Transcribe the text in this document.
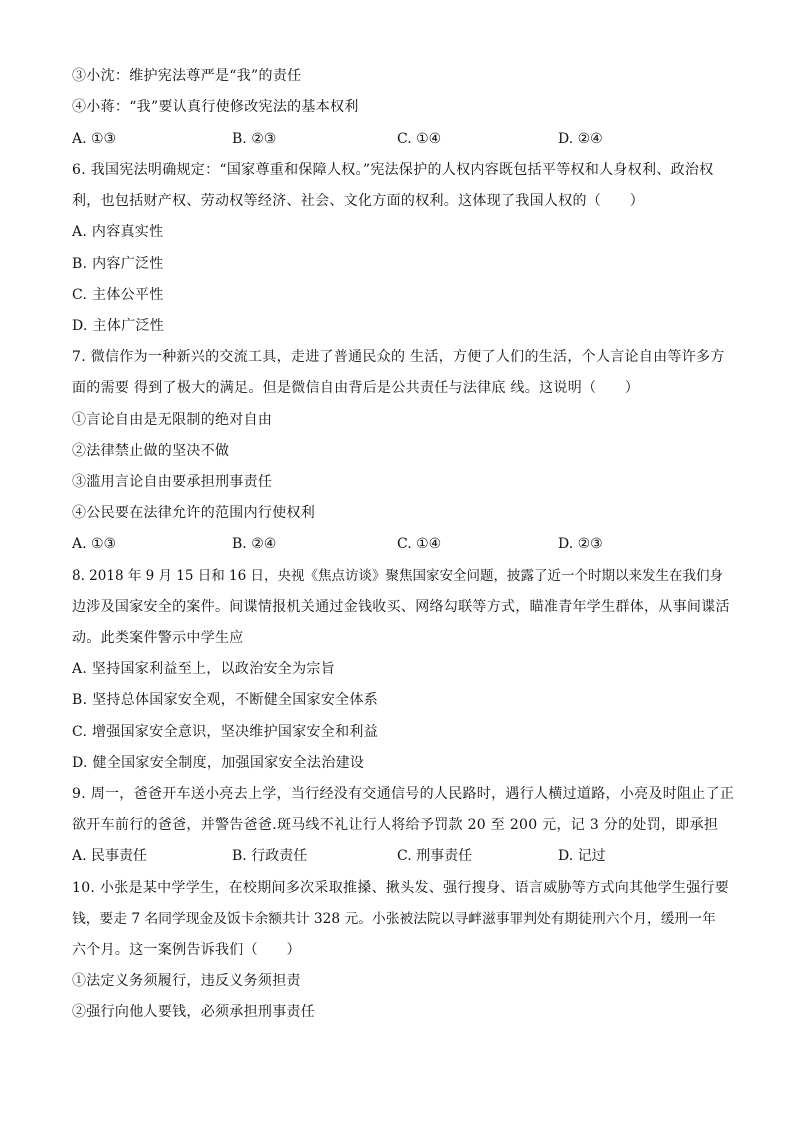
③小沈：维护宪法尊严是“我”的责任
④小蒋：“我”要认真行使修改宪法的基本权利
A. ①③	B. ②③	C. ①④	D. ②④
6. 我国宪法明确规定：“国家尊重和保障人权。”宪法保护的人权内容既包括平等权和人身权利、政治权
利，也包括财产权、劳动权等经济、社会、文化方面的权利。这体现了我国人权的（　　）
A. 内容真实性
B. 内容广泛性
C. 主体公平性
D. 主体广泛性
7. 微信作为一种新兴的交流工具，走进了普通民众的 生活，方便了人们的生活，个人言论自由等许多方
面的需要 得到了极大的满足。但是微信自由背后是公共责任与法律底 线。这说明（　　）
①言论自由是无限制的绝对自由
②法律禁止做的坚决不做
③滥用言论自由要承担刑事责任
④公民要在法律允许的范围内行使权利
A. ①③	B. ②④	C. ①④	D. ②③
8. 2018 年 9 月 15 日和 16 日，央视《焦点访谈》聚焦国家安全问题，披露了近一个时期以来发生在我们身
边涉及国家安全的案件。间谍情报机关通过金钱收买、网络勾联等方式，瞄准青年学生群体，从事间谍活
动。此类案件警示中学生应
A. 坚持国家利益至上，以政治安全为宗旨
B. 坚持总体国家安全观，不断健全国家安全体系
C. 增强国家安全意识，坚决维护国家安全和利益
D. 健全国家安全制度，加强国家安全法治建设
9. 周一，爸爸开车送小亮去上学，当行经没有交通信号的人民路时，遇行人横过道路，小亮及时阻止了正
欲开车前行的爸爸，并警告爸爸.斑马线不礼让行人将给予罚款 20 至 200 元，记 3 分的处罚，即承担
A. 民事责任	B. 行政责任	C. 刑事责任	D. 记过
10. 小张是某中学学生，在校期间多次采取推搡、揪头发、强行搜身、语言威胁等方式向其他学生强行要
钱，要走 7 名同学现金及饭卡余额共计 328 元。小张被法院以寻衅滋事罪判处有期徒刑六个月，缓刑一年
六个月。这一案例告诉我们（　　）
①法定义务须履行，违反义务须担责
②强行向他人要钱，必须承担刑事责任
